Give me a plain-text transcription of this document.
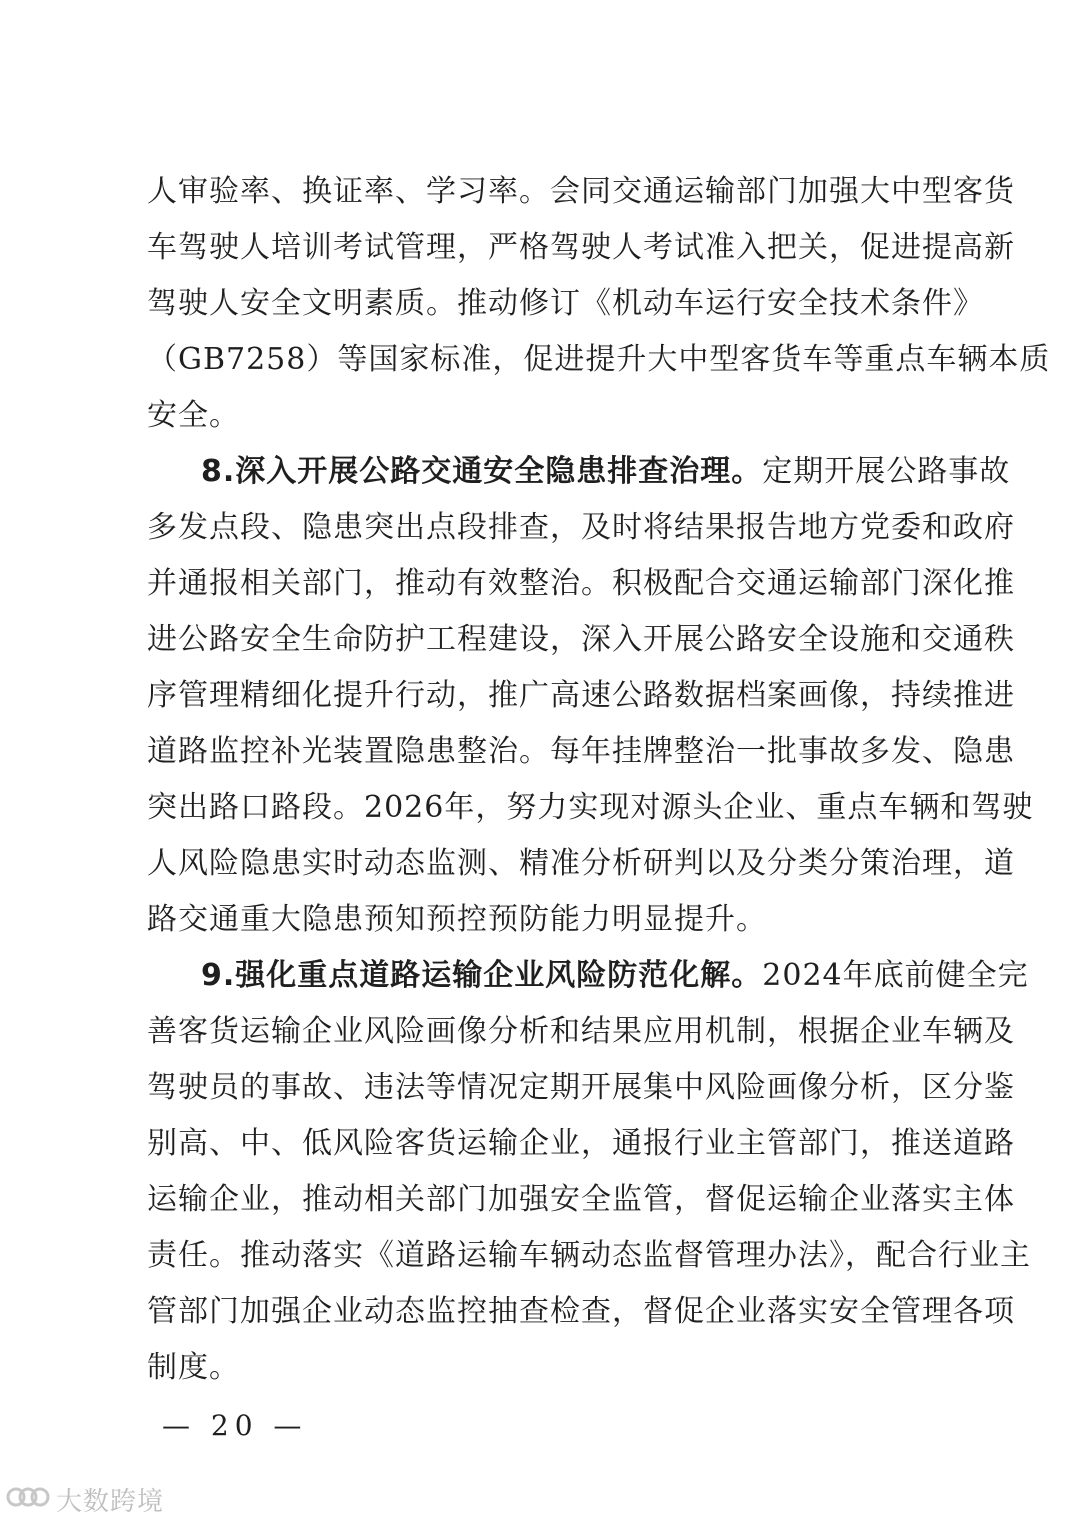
人审验率、换证率、学习率。会同交通运输部门加强大中型客货
车驾驶人培训考试管理，严格驾驶人考试准入把关，促进提高新
驾驶人安全文明素质。推动修订《机动车运行安全技术条件》
（GB7258）等国家标准，促进提升大中型客货车等重点车辆本质
安全。
8.深入开展公路交通安全隐患排查治理。定期开展公路事故
多发点段、隐患突出点段排查，及时将结果报告地方党委和政府
并通报相关部门，推动有效整治。积极配合交通运输部门深化推
进公路安全生命防护工程建设，深入开展公路安全设施和交通秩
序管理精细化提升行动，推广高速公路数据档案画像，持续推进
道路监控补光装置隐患整治。每年挂牌整治一批事故多发、隐患
突出路口路段。2026年，努力实现对源头企业、重点车辆和驾驶
人风险隐患实时动态监测、精准分析研判以及分类分策治理，道
路交通重大隐患预知预控预防能力明显提升。
9.强化重点道路运输企业风险防范化解。2024年底前健全完
善客货运输企业风险画像分析和结果应用机制，根据企业车辆及
驾驶员的事故、违法等情况定期开展集中风险画像分析，区分鉴
别高、中、低风险客货运输企业，通报行业主管部门，推送道路
运输企业，推动相关部门加强安全监管，督促运输企业落实主体
责任。推动落实《道路运输车辆动态监督管理办法》，配合行业主
管部门加强企业动态监控抽查检查，督促企业落实安全管理各项
制度。
— 20 —
大数跨境
